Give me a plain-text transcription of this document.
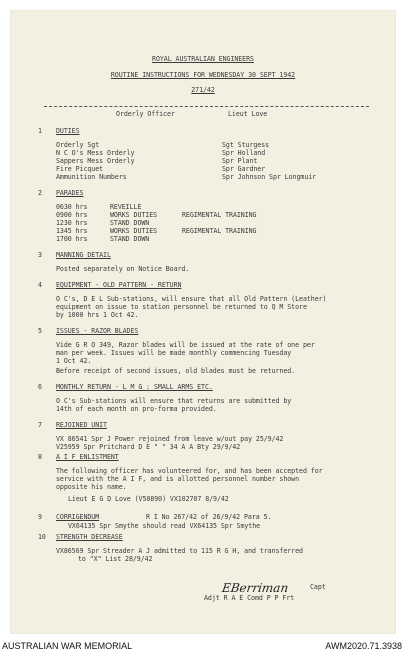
ROYAL AUSTRALIAN ENGINEERS
ROUTINE INSTRUCTIONS FOR WEDNESDAY 30 SEPT 1942
271/42
Orderly Officer	Lieut Love
1 DUTIES
Orderly Sgt	Sgt Sturgess
N C O's Mess Orderly	Spr Holland
Sappers Mess Orderly	Spr Plant
Fire Picquet	Spr Gardner
Ammunition Numbers	Spr Johnson Spr Longmuir
2 PARADES
0630 hrs	REVEILLE
0900 hrs	WORKS DUTIES	REGIMENTAL TRAINING
1230 hrs	STAND DOWN
1345 hrs	WORKS DUTIES	REGIMENTAL TRAINING
1700 hrs	STAND DOWN
3 MANNING DETAIL
Posted separately on Notice Board.
4 EQUIPMENT - OLD PATTERN - RETURN
O C's, D E L Sub-stations, will ensure that all Old Pattern (Leather)
equipment on issue to station personnel be returned to Q M Store
by 1000 hrs 1 Oct 42.
5 ISSUES - RAZOR BLADES
Vide G R O 349, Razor blades will be issued at the rate of one per
man per week. Issues will be made monthly commencing Tuesday
1 Oct 42.
Before receipt of second issues, old blades must be returned.
6 MONTHLY RETURN - L M G : SMALL ARMS ETC.
O C's Sub-stations will ensure that returns are submitted by
14th of each month on pro-forma provided.
7 REJOINED UNIT
VX 86541 Spr J Power rejoined from leave w/out pay 25/9/42
V25959 Spr Pritchard D E " " 34 A A Bty 29/9/42
8 A I F ENLISTMENT
The following officer has volunteered for, and has been accepted for
service with the A I F, and is allotted personnel number shown
opposite his name.
Lieut E G D Love (V50890) VX102707 8/9/42
9 CORRIGENDUM	R I No 267/42 of 26/9/42 Para 5.
VX64135 Spr Smythe should read VX64135 Spr Smythe
10 STRENGTH DECREASE
VX86569 Spr Streader A J admitted to 115 R G H, and transferred
to "X" List 28/9/42
EBerriman	Capt
Adjt R A E Comd P P Frt
AUSTRALIAN WAR MEMORIAL	AWM2020.71.3938
